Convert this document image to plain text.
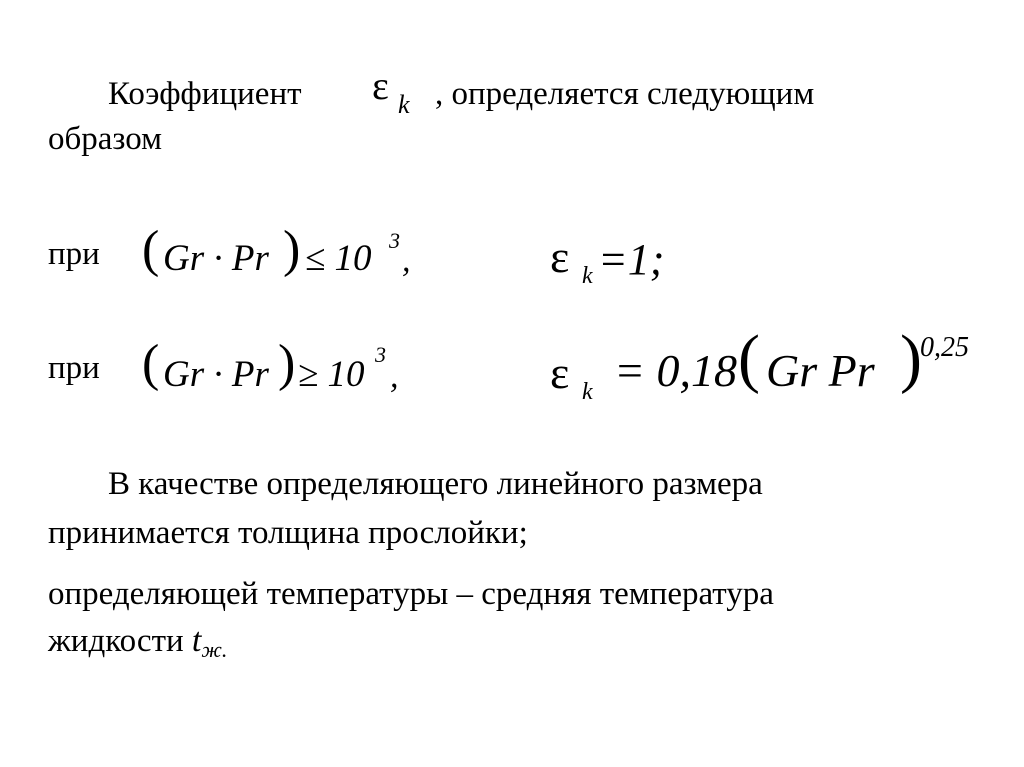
Коэффициент ε k , определяется следующим
образом
при ( Gr · Pr ) ≤ 10 3
,	ε k =1;
при ( Gr · Pr ) ≥ 10 3
,	ε k = 0,18 ( Gr Pr )
0,25
В качестве определяющего линейного размера
принимается толщина прослойки;
определяющей температуры – средняя температура
жидкости tж.
